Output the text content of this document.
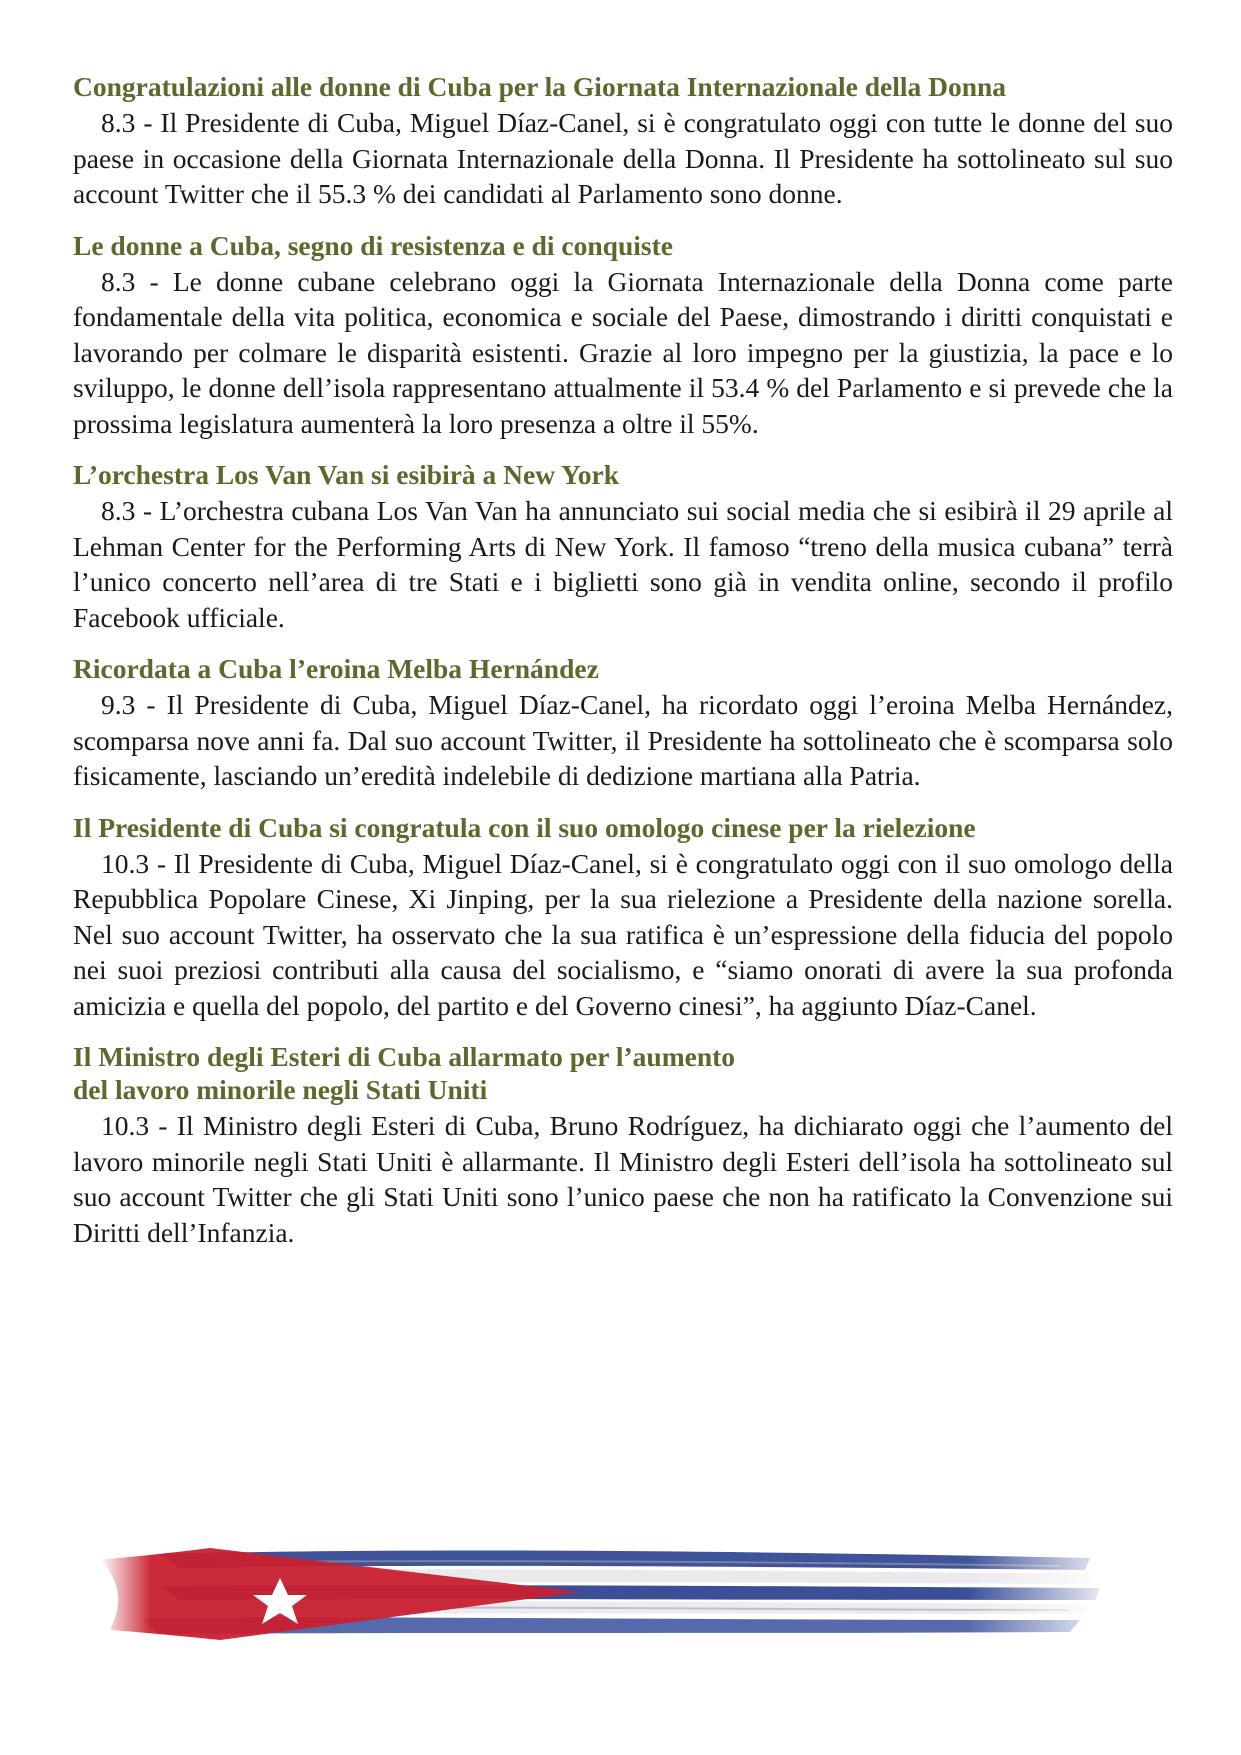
Congratulazioni alle donne di Cuba per la Giornata Internazionale della Donna

8.3 - Il Presidente di Cuba, Miguel Díaz-Canel, si è congratulato oggi con tutte le donne del suo paese in occasione della Giornata Internazionale della Donna. Il Presidente ha sottolineato sul suo account Twitter che il 55.3 % dei candidati al Parlamento sono donne.

Le donne a Cuba, segno di resistenza e di conquiste

8.3 - Le donne cubane celebrano oggi la Giornata Internazionale della Donna come parte fondamentale della vita politica, economica e sociale del Paese, dimostrando i diritti conquistati e lavorando per colmare le disparità esistenti. Grazie al loro impegno per la giustizia, la pace e lo sviluppo, le donne dell’isola rappresentano attualmente il 53.4 % del Parlamento e si prevede che la prossima legislatura aumenterà la loro presenza a oltre il 55%.

L’orchestra Los Van Van si esibirà a New York

8.3 - L’orchestra cubana Los Van Van ha annunciato sui social media che si esibirà il 29 aprile al Lehman Center for the Performing Arts di New York. Il famoso “treno della musica cubana” terrà l’unico concerto nell’area di tre Stati e i biglietti sono già in vendita online, secondo il profilo Facebook ufficiale.

Ricordata a Cuba l’eroina Melba Hernández

9.3 - Il Presidente di Cuba, Miguel Díaz-Canel, ha ricordato oggi l’eroina Melba Hernández, scomparsa nove anni fa. Dal suo account Twitter, il Presidente ha sottolineato che è scomparsa solo fisicamente, lasciando un’eredità indelebile di dedizione martiana alla Patria.

Il Presidente di Cuba si congratula con il suo omologo cinese per la rielezione

10.3 - Il Presidente di Cuba, Miguel Díaz-Canel, si è congratulato oggi con il suo omologo della Repubblica Popolare Cinese, Xi Jinping, per la sua rielezione a Presidente della nazione sorella. Nel suo account Twitter, ha osservato che la sua ratifica è un’espressione della fiducia del popolo nei suoi preziosi contributi alla causa del socialismo, e “siamo onorati di avere la sua profonda amicizia e quella del popolo, del partito e del Governo cinesi”, ha aggiunto Díaz-Canel.

Il Ministro degli Esteri di Cuba allarmato per l’aumento
del lavoro minorile negli Stati Uniti

10.3 - Il Ministro degli Esteri di Cuba, Bruno Rodríguez, ha dichiarato oggi che l’aumento del lavoro minorile negli Stati Uniti è allarmante. Il Ministro degli Esteri dell’isola ha sottolineato sul suo account Twitter che gli Stati Uniti sono l’unico paese che non ha ratificato la Convenzione sui Diritti dell’Infanzia.
